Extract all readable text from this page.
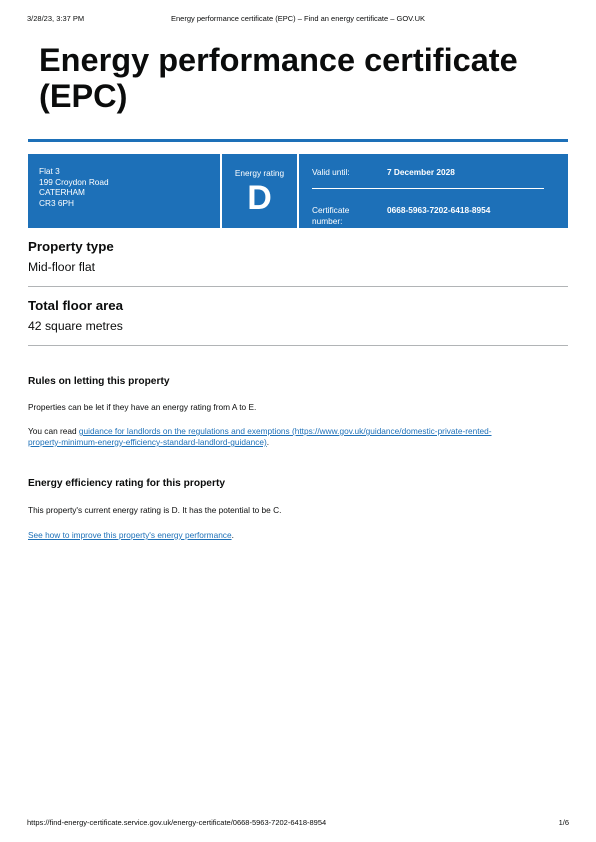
3/28/23, 3:37 PM	Energy performance certificate (EPC) – Find an energy certificate – GOV.UK
Energy performance certificate
(EPC)
Flat 3
199 Croydon Road
CATERHAM
CR3 6PH
Energy rating
D
Valid until:	7 December 2028
Certificate
number:
0668-5963-7202-6418-8954
Property type
Mid-floor flat
Total floor area
42 square metres
Rules on letting this property
Properties can be let if they have an energy rating from A to E.
You can read guidance for landlords on the regulations and exemptions (https://www.gov.uk/guidance/domestic-private-rented-
property-minimum-energy-efficiency-standard-landlord-guidance).
Energy efficiency rating for this property
This property's current energy rating is D. It has the potential to be C.
See how to improve this property's energy performance.
https://find-energy-certificate.service.gov.uk/energy-certificate/0668-5963-7202-6418-8954	1/6
